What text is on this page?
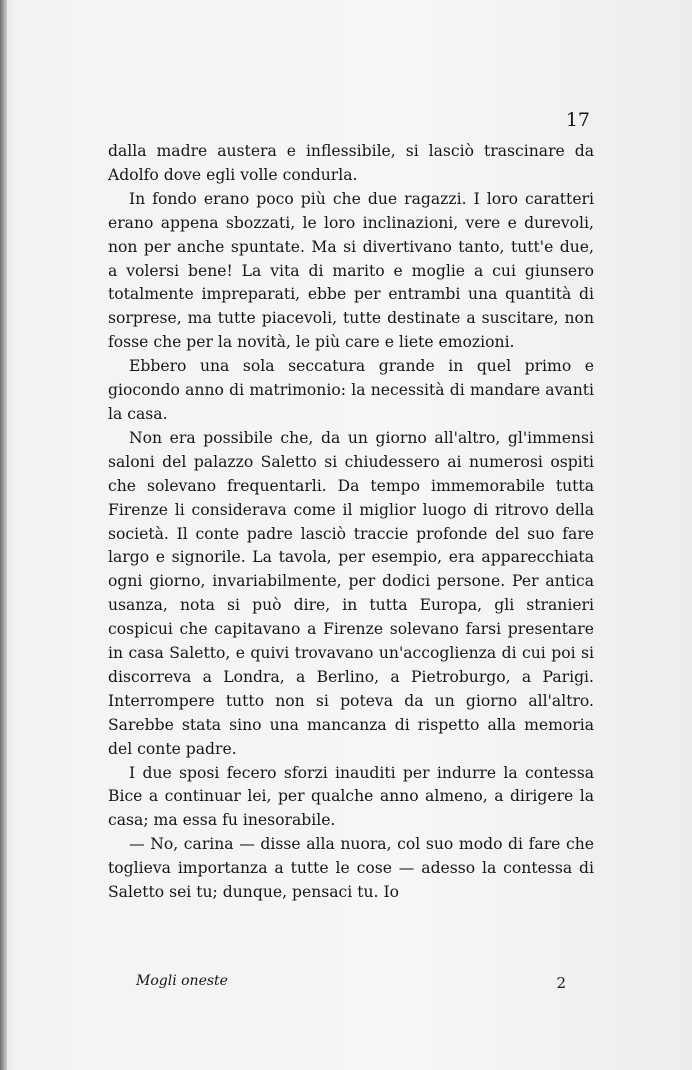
17

dalla madre austera e inflessibile, si lasciò trascinare da Adolfo dove egli volle condurla.

In fondo erano poco più che due ragazzi. I loro caratteri erano appena sbozzati, le loro inclinazioni, vere e durevoli, non per anche spuntate. Ma si divertivano tanto, tutt'e due, a volersi bene! La vita di marito e moglie a cui giunsero totalmente impreparati, ebbe per entrambi una quantità di sorprese, ma tutte piacevoli, tutte destinate a suscitare, non fosse che per la novità, le più care e liete emozioni.

Ebbero una sola seccatura grande in quel primo e giocondo anno di matrimonio: la necessità di mandare avanti la casa.

Non era possibile che, da un giorno all'altro, gl'immensi saloni del palazzo Saletto si chiudessero ai numerosi ospiti che solevano frequentarli. Da tempo immemorabile tutta Firenze li considerava come il miglior luogo di ritrovo della società. Il conte padre lasciò traccie profonde del suo fare largo e signorile. La tavola, per esempio, era apparecchiata ogni giorno, invariabilmente, per dodici persone. Per antica usanza, nota si può dire, in tutta Europa, gli stranieri cospicui che capitavano a Firenze solevano farsi presentare in casa Saletto, e quivi trovavano un'accoglienza di cui poi si discorreva a Londra, a Berlino, a Pietroburgo, a Parigi. Interrompere tutto non si poteva da un giorno all'altro. Sarebbe stata sino una mancanza di rispetto alla memoria del conte padre.

I due sposi fecero sforzi inauditi per indurre la contessa Bice a continuar lei, per qualche anno almeno, a dirigere la casa; ma essa fu inesorabile.

— No, carina — disse alla nuora, col suo modo di fare che toglieva importanza a tutte le cose — adesso la contessa di Saletto sei tu; dunque, pensaci tu. Io

Mogli oneste	2
